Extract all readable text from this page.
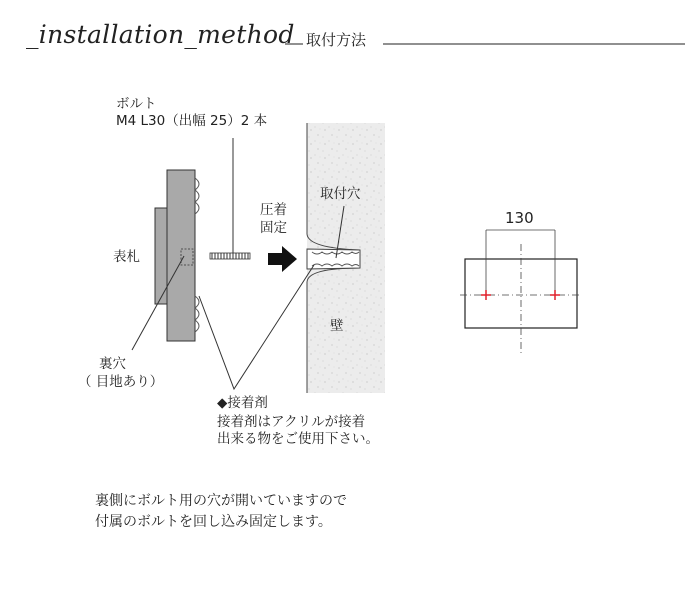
_installation_method 取付方法
ボルト
M4 L30（出幅 25）2 本
圧着
固定
取付穴
表札
壁
裏穴
（ 目地あり）
◆接着剤
接着剤はアクリルが接着
出来る物をご使用下さい。
130
裏側にボルト用の穴が開いていますので
付属のボルトを回し込み固定します。
